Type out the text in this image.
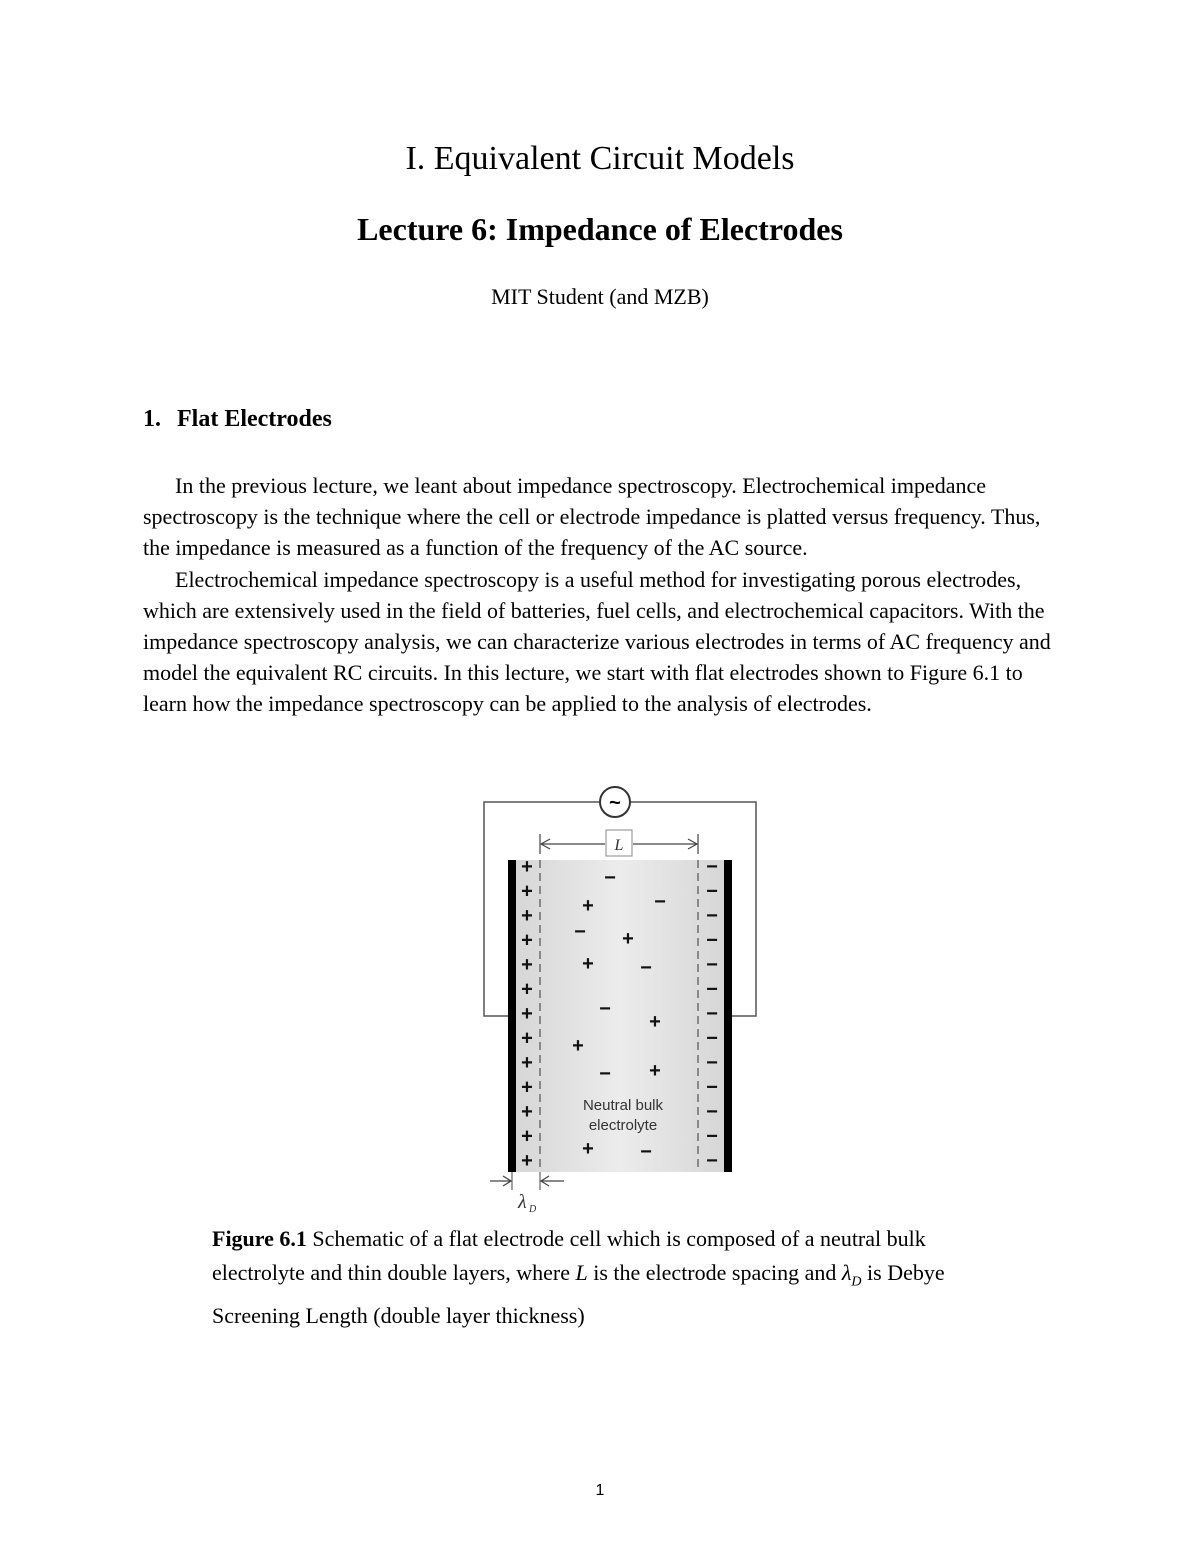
I. Equivalent Circuit Models
Lecture 6: Impedance of Electrodes
MIT Student (and MZB)
1. Flat Electrodes

In the previous lecture, we leant about impedance spectroscopy. Electrochemical impedance spectroscopy is the technique where the cell or electrode impedance is platted versus frequency. Thus, the impedance is measured as a function of the frequency of the AC source.

Electrochemical impedance spectroscopy is a useful method for investigating porous electrodes, which are extensively used in the field of batteries, fuel cells, and electrochemical capacitors. With the impedance spectroscopy analysis, we can characterize various electrodes in terms of AC frequency and model the equivalent RC circuits. In this lecture, we start with flat electrodes shown to Figure 6.1 to learn how the impedance spectroscopy can be applied to the analysis of electrodes.

~
L
+
+
+
+
+
+
+
+
+
+
+
+
+
−
−
−
−
−
−
−
−
−
−
−
−
−
−
+	−
− +
+ −
−
+
+
− +
+ −
Neutral bulk
electrolyte
λ D

Figure 6.1 Schematic of a flat electrode cell which is composed of a neutral bulk electrolyte and thin double layers, where L is the electrode spacing and $\lambda_D$ is Debye Screening Length (double layer thickness)

1
